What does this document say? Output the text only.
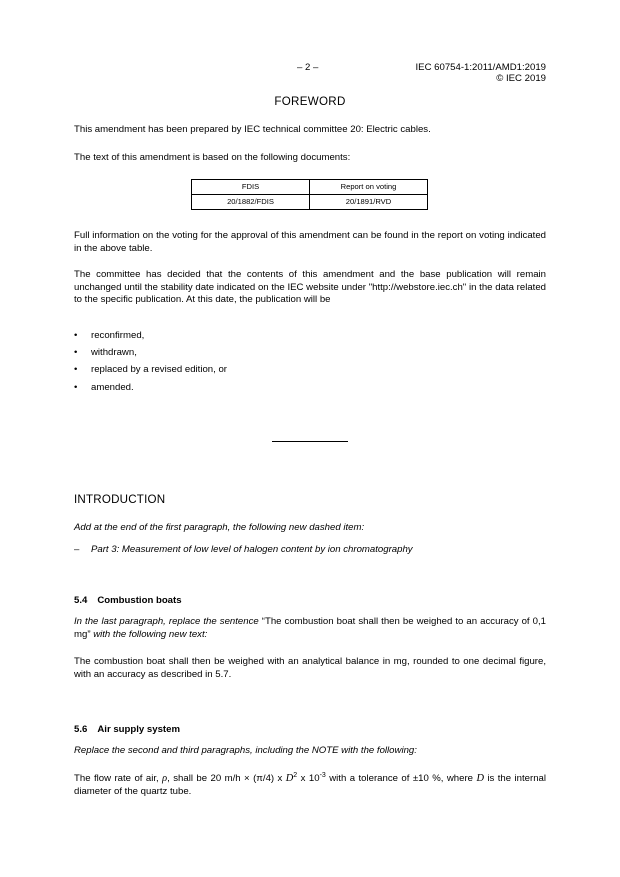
– 2 –	IEC 60754-1:2011/AMD1:2019
© IEC 2019
FOREWORD
This amendment has been prepared by IEC technical committee 20: Electric cables.
The text of this amendment is based on the following documents:
FDIS	Report on voting
20/1882/FDIS	20/1891/RVD
Full information on the voting for the approval of this amendment can be found in the report on voting indicated in the above table.
The committee has decided that the contents of this amendment and the base publication will remain unchanged until the stability date indicated on the IEC website under "http://webstore.iec.ch" in the data related to the specific publication. At this date, the publication will be
• reconfirmed,
• withdrawn,
• replaced by a revised edition, or
• amended.
INTRODUCTION
Add at the end of the first paragraph, the following new dashed item:
– Part 3: Measurement of low level of halogen content by ion chromatography
5.4 Combustion boats
In the last paragraph, replace the sentence “The combustion boat shall then be weighed to an accuracy of 0,1 mg” with the following new text:
The combustion boat shall then be weighed with an analytical balance in mg, rounded to one decimal figure, with an accuracy as described in 5.7.
5.6 Air supply system
Replace the second and third paragraphs, including the NOTE with the following:
The flow rate of air, ρ, shall be 20 m/h × (π/4) x $D^2$ x $10^{-3}$ with a tolerance of ±10 %, where D is the internal diameter of the quartz tube.
